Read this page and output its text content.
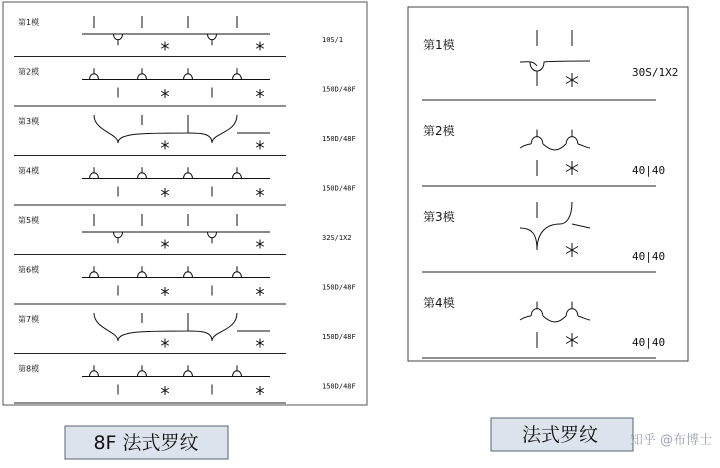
第1模
10S/1
第2模
150D/48F
第3模
150D/48F
第4模
150D/48F
第5模
32S/1X2
第6模
150D/48F
第7模
150D/48F
第8模
150D/48F
第1模
30S/1X2
第2模
40|40
第3模
40|40
第4模
40|40
8F 法式罗纹	法式罗纹 知乎 @布博士
